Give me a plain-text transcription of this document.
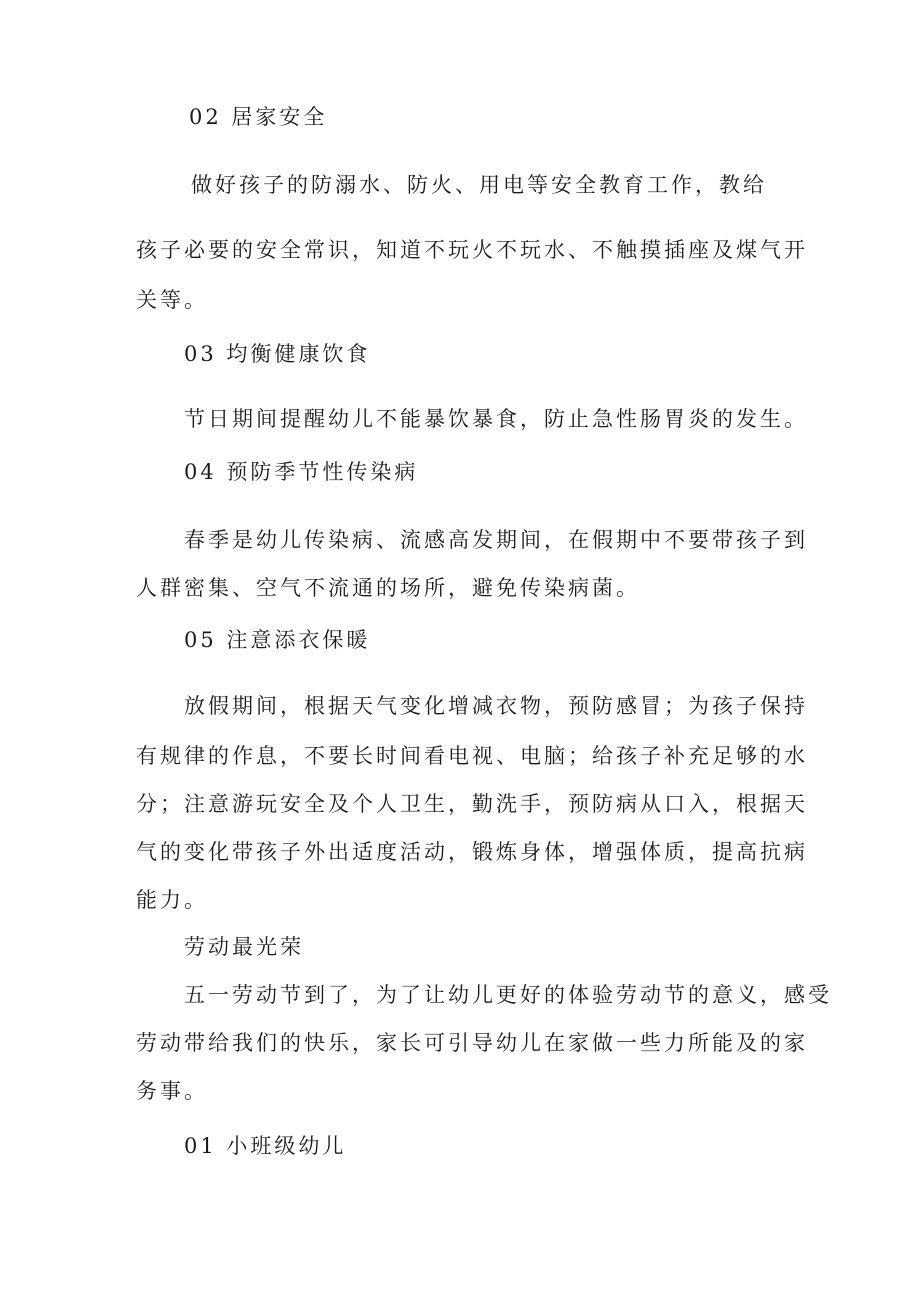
02 居家安全
做好孩子的防溺水、防火、用电等安全教育工作，教给
孩子必要的安全常识，知道不玩火不玩水、不触摸插座及煤气开
关等。
03 均衡健康饮食
节日期间提醒幼儿不能暴饮暴食，防止急性肠胃炎的发生。
04 预防季节性传染病
春季是幼儿传染病、流感高发期间，在假期中不要带孩子到
人群密集、空气不流通的场所，避免传染病菌。
05 注意添衣保暖
放假期间，根据天气变化增减衣物，预防感冒；为孩子保持
有规律的作息，不要长时间看电视、电脑；给孩子补充足够的水
分；注意游玩安全及个人卫生，勤洗手，预防病从口入，根据天
气的变化带孩子外出适度活动，锻炼身体，增强体质，提高抗病
能力。
劳动最光荣
五一劳动节到了，为了让幼儿更好的体验劳动节的意义，感受
劳动带给我们的快乐，家长可引导幼儿在家做一些力所能及的家
务事。
01 小班级幼儿
